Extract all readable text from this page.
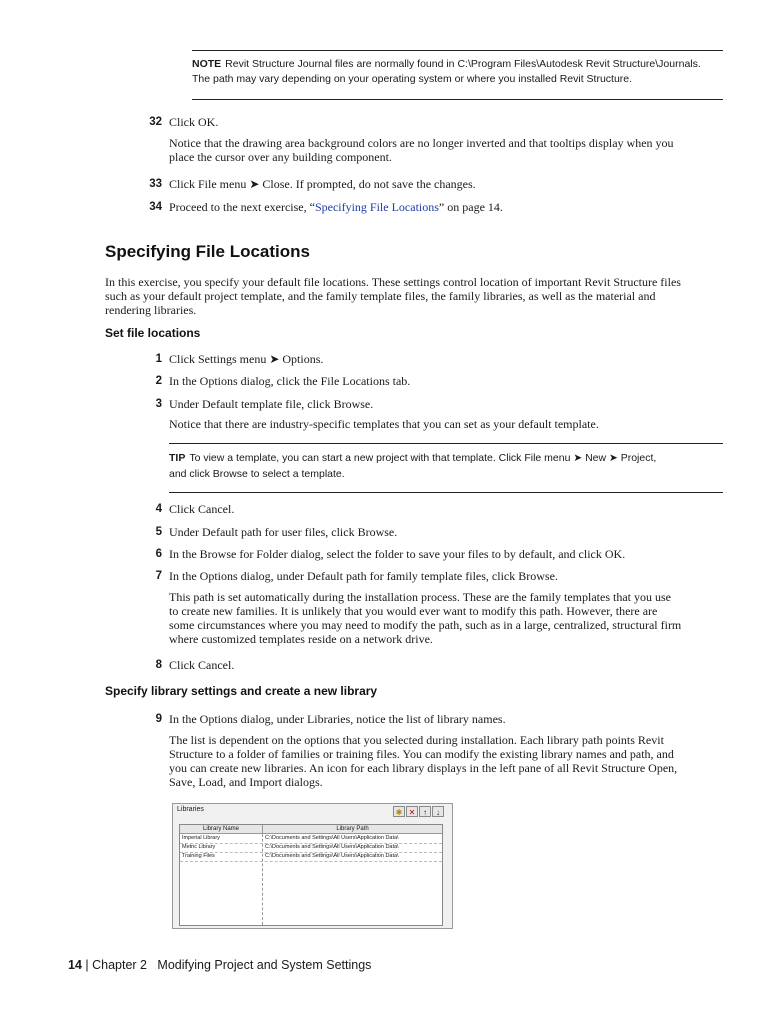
NOTE Revit Structure Journal files are normally found in C:\Program Files\Autodesk Revit Structure\Journals.
The path may vary depending on your operating system or where you installed Revit Structure.
32 Click OK.
Notice that the drawing area background colors are no longer inverted and that tooltips display when you
place the cursor over any building component.
33 Click File menu ➤ Close. If prompted, do not save the changes.
34 Proceed to the next exercise, “Specifying File Locations” on page 14.
Specifying File Locations
In this exercise, you specify your default file locations. These settings control location of important Revit Structure files
such as your default project template, and the family template files, the family libraries, as well as the material and
rendering libraries.
Set file locations
1 Click Settings menu ➤ Options.
2 In the Options dialog, click the File Locations tab.
3 Under Default template file, click Browse.
Notice that there are industry-specific templates that you can set as your default template.
TIP To view a template, you can start a new project with that template. Click File menu ➤ New ➤ Project,
and click Browse to select a template.
4 Click Cancel.
5 Under Default path for user files, click Browse.
6 In the Browse for Folder dialog, select the folder to save your files to by default, and click OK.
7 In the Options dialog, under Default path for family template files, click Browse.
This path is set automatically during the installation process. These are the family templates that you use
to create new families. It is unlikely that you would ever want to modify this path. However, there are
some circumstances where you may need to modify the path, such as in a large, centralized, structural firm
where customized templates reside on a network drive.
8 Click Cancel.
Specify library settings and create a new library
9 In the Options dialog, under Libraries, notice the list of library names.
The list is dependent on the options that you selected during installation. Each library path points Revit
Structure to a folder of families or training files. You can modify the existing library names and path, and
you can create new libraries. An icon for each library displays in the left pane of all Revit Structure Open,
Save, Load, and Import dialogs.
Libraries	✱ ✕ ↑	↓
Library Name	Library Path
Imperial Library	C:\Documents and Settings\All Users\Application Data\
Metric Library	C:\Documents and Settings\All Users\Application Data\
Training Files	C:\Documents and Settings\All Users\Application Data\
14 | Chapter 2   Modifying Project and System Settings
